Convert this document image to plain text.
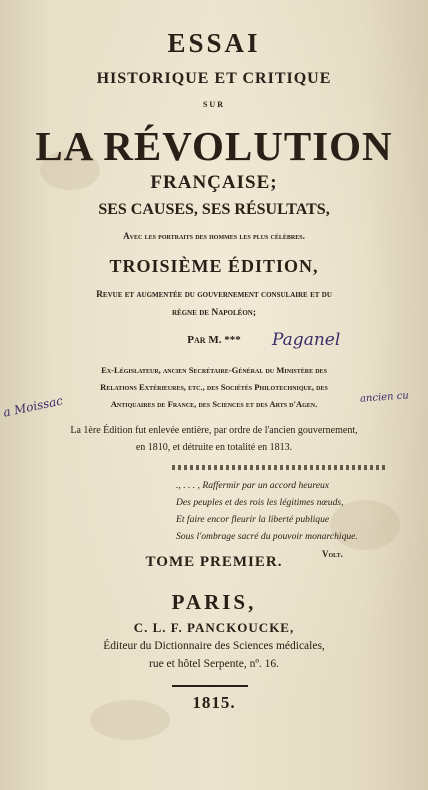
ESSAI
HISTORIQUE ET CRITIQUE
SUR
LA RÉVOLUTION
FRANÇAISE;
SES CAUSES, SES RÉSULTATS,
Avec les portraits des hommes les plus célèbres.
TROISIÈME ÉDITION,
Revue et augmentée du gouvernement consulaire et du
règne de Napoléon;
Par M. ***	Paganel
Ex-Législateur, ancien Secrétaire-Général du Ministère des
Relations Extérieures, etc., des Sociétés Philotechnique, des
Antiquaires de France, des Sciences et des Arts d'Agen.
a Moissac	ancien cu
La 1ère Édition fut enlevée entière, par ordre de l'ancien gouvernement,
en 1810, et détruite en totalité en 1813.
., . . . , Raffermir par un accord heureux
Des peuples et des rois les légitimes nœuds,
Et faire encor fleurir la liberté publique
Sous l'ombrage sacré du pouvoir monarchique.
Volt.
TOME PREMIER.
PARIS,
C. L. F. PANCKOUCKE,
Éditeur du Dictionnaire des Sciences médicales,
rue et hôtel Serpente, nº. 16.
1815.
